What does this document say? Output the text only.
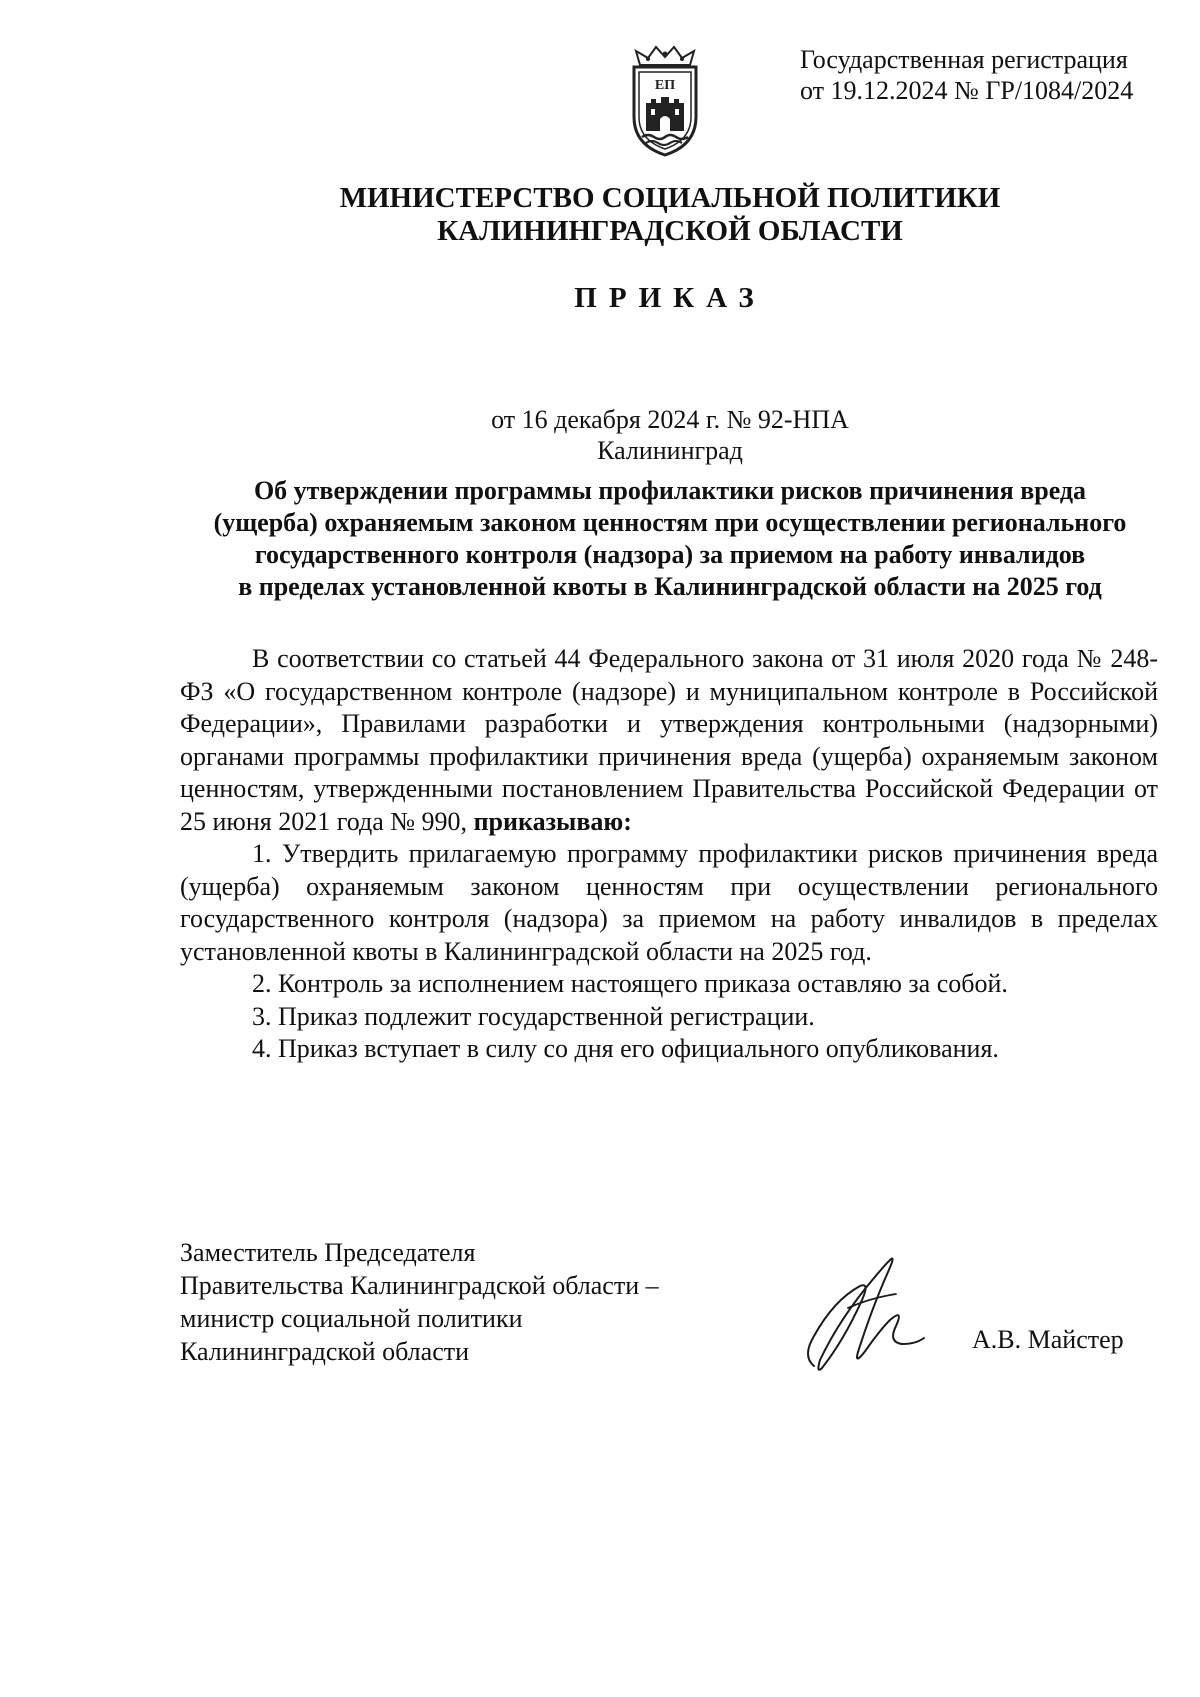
Государственная регистрация
от 19.12.2024 № ГР/1084/2024
ЕП
МИНИСТЕРСТВО СОЦИАЛЬНОЙ ПОЛИТИКИ
КАЛИНИНГРАДСКОЙ ОБЛАСТИ
ПРИКАЗ
от 16 декабря 2024 г. № 92-НПА
Калининград
Об утверждении программы профилактики рисков причинения вреда
(ущерба) охраняемым законом ценностям при осуществлении регионального
государственного контроля (надзора) за приемом на работу инвалидов
в пределах установленной квоты в Калининградской области на 2025 год

В соответствии со статьей 44 Федерального закона от 31 июля 2020 года № 248-ФЗ «О государственном контроле (надзоре) и муниципальном контроле в Российской Федерации», Правилами разработки и утверждения контрольными (надзорными) органами программы профилактики причинения вреда (ущерба) охраняемым законом ценностям, утвержденными постановлением Правительства Российской Федерации от 25 июня 2021 года № 990, приказываю:

1. Утвердить прилагаемую программу профилактики рисков причинения вреда (ущерба) охраняемым законом ценностям при осуществлении регионального государственного контроля (надзора) за приемом на работу инвалидов в пределах установленной квоты в Калининградской области на 2025 год.

2. Контроль за исполнением настоящего приказа оставляю за собой.

3. Приказ подлежит государственной регистрации.

4. Приказ вступает в силу со дня его официального опубликования.

Заместитель Председателя
Правительства Калининградской области –
министр социальной политики
Калининградской области	А.В. Майстер
